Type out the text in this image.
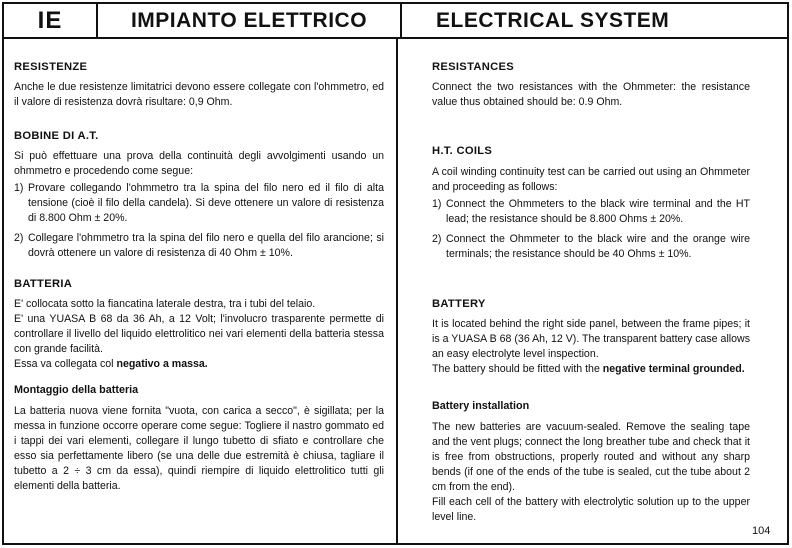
IE	IMPIANTO ELETTRICO	ELECTRICAL SYSTEM

RESISTENZE

Anche le due resistenze limitatrici devono essere collegate con l'ohmmetro, ed il valore di resistenza dovrà risultare: 0,9 Ohm.

BOBINE DI A.T.

Si può effettuare una prova della continuità degli avvolgimenti usando un ohmmetro e procedendo come segue:

1) Provare collegando l'ohmmetro tra la spina del filo nero ed il filo di alta tensione (cioè il filo della candela). Si deve ottenere un valore di resistenza di 8.800 Ohm ± 20%.
2) Collegare l'ohmmetro tra la spina del filo nero e quella del filo arancione; si dovrà ottenere un valore di resistenza di 40 Ohm ± 10%.

BATTERIA

E' collocata sotto la fiancatina laterale destra, tra i tubi del telaio.

E' una YUASA B 68 da 36 Ah, a 12 Volt; l'involucro trasparente permette di controllare il livello del liquido elettrolitico nei vari elementi della batteria stessa con grande facilità.

Essa va collegata col negativo a massa.

Montaggio della batteria

La batteria nuova viene fornita "vuota, con carica a secco", è sigillata; per la messa in funzione occorre operare come segue: Togliere il nastro gommato ed i tappi dei vari elementi, collegare il lungo tubetto di sfiato e controllare che esso sia perfettamente libero (se una delle due estremità è chiusa, tagliare il tubetto a 2 ÷ 3 cm da essa), quindi riempire di liquido elettrolitico tutti gli elementi della batteria.

RESISTANCES

Connect the two resistances with the Ohmmeter: the resistance value thus obtained should be: 0.9 Ohm.

H.T. COILS

A coil winding continuity test can be carried out using an Ohmmeter and proceeding as follows:

1) Connect the Ohmmeters to the black wire terminal and the HT lead; the resistance should be 8.800 Ohms ± 20%.
2) Connect the Ohmmeter to the black wire and the orange wire terminals; the resistance should be 40 Ohms ± 10%.

BATTERY

It is located behind the right side panel, between the frame pipes; it is a YUASA B 68 (36 Ah, 12 V). The transparent battery case allows an easy electrolyte level inspection.

The battery should be fitted with the negative terminal grounded.

Battery installation

The new batteries are vacuum-sealed. Remove the sealing tape and the vent plugs; connect the long breather tube and check that it is free from obstructions, properly routed and without any sharp bends (if one of the ends of the tube is sealed, cut the tube about 2 cm from the end).

Fill each cell of the battery with electrolytic solution up to the upper level line.

104
